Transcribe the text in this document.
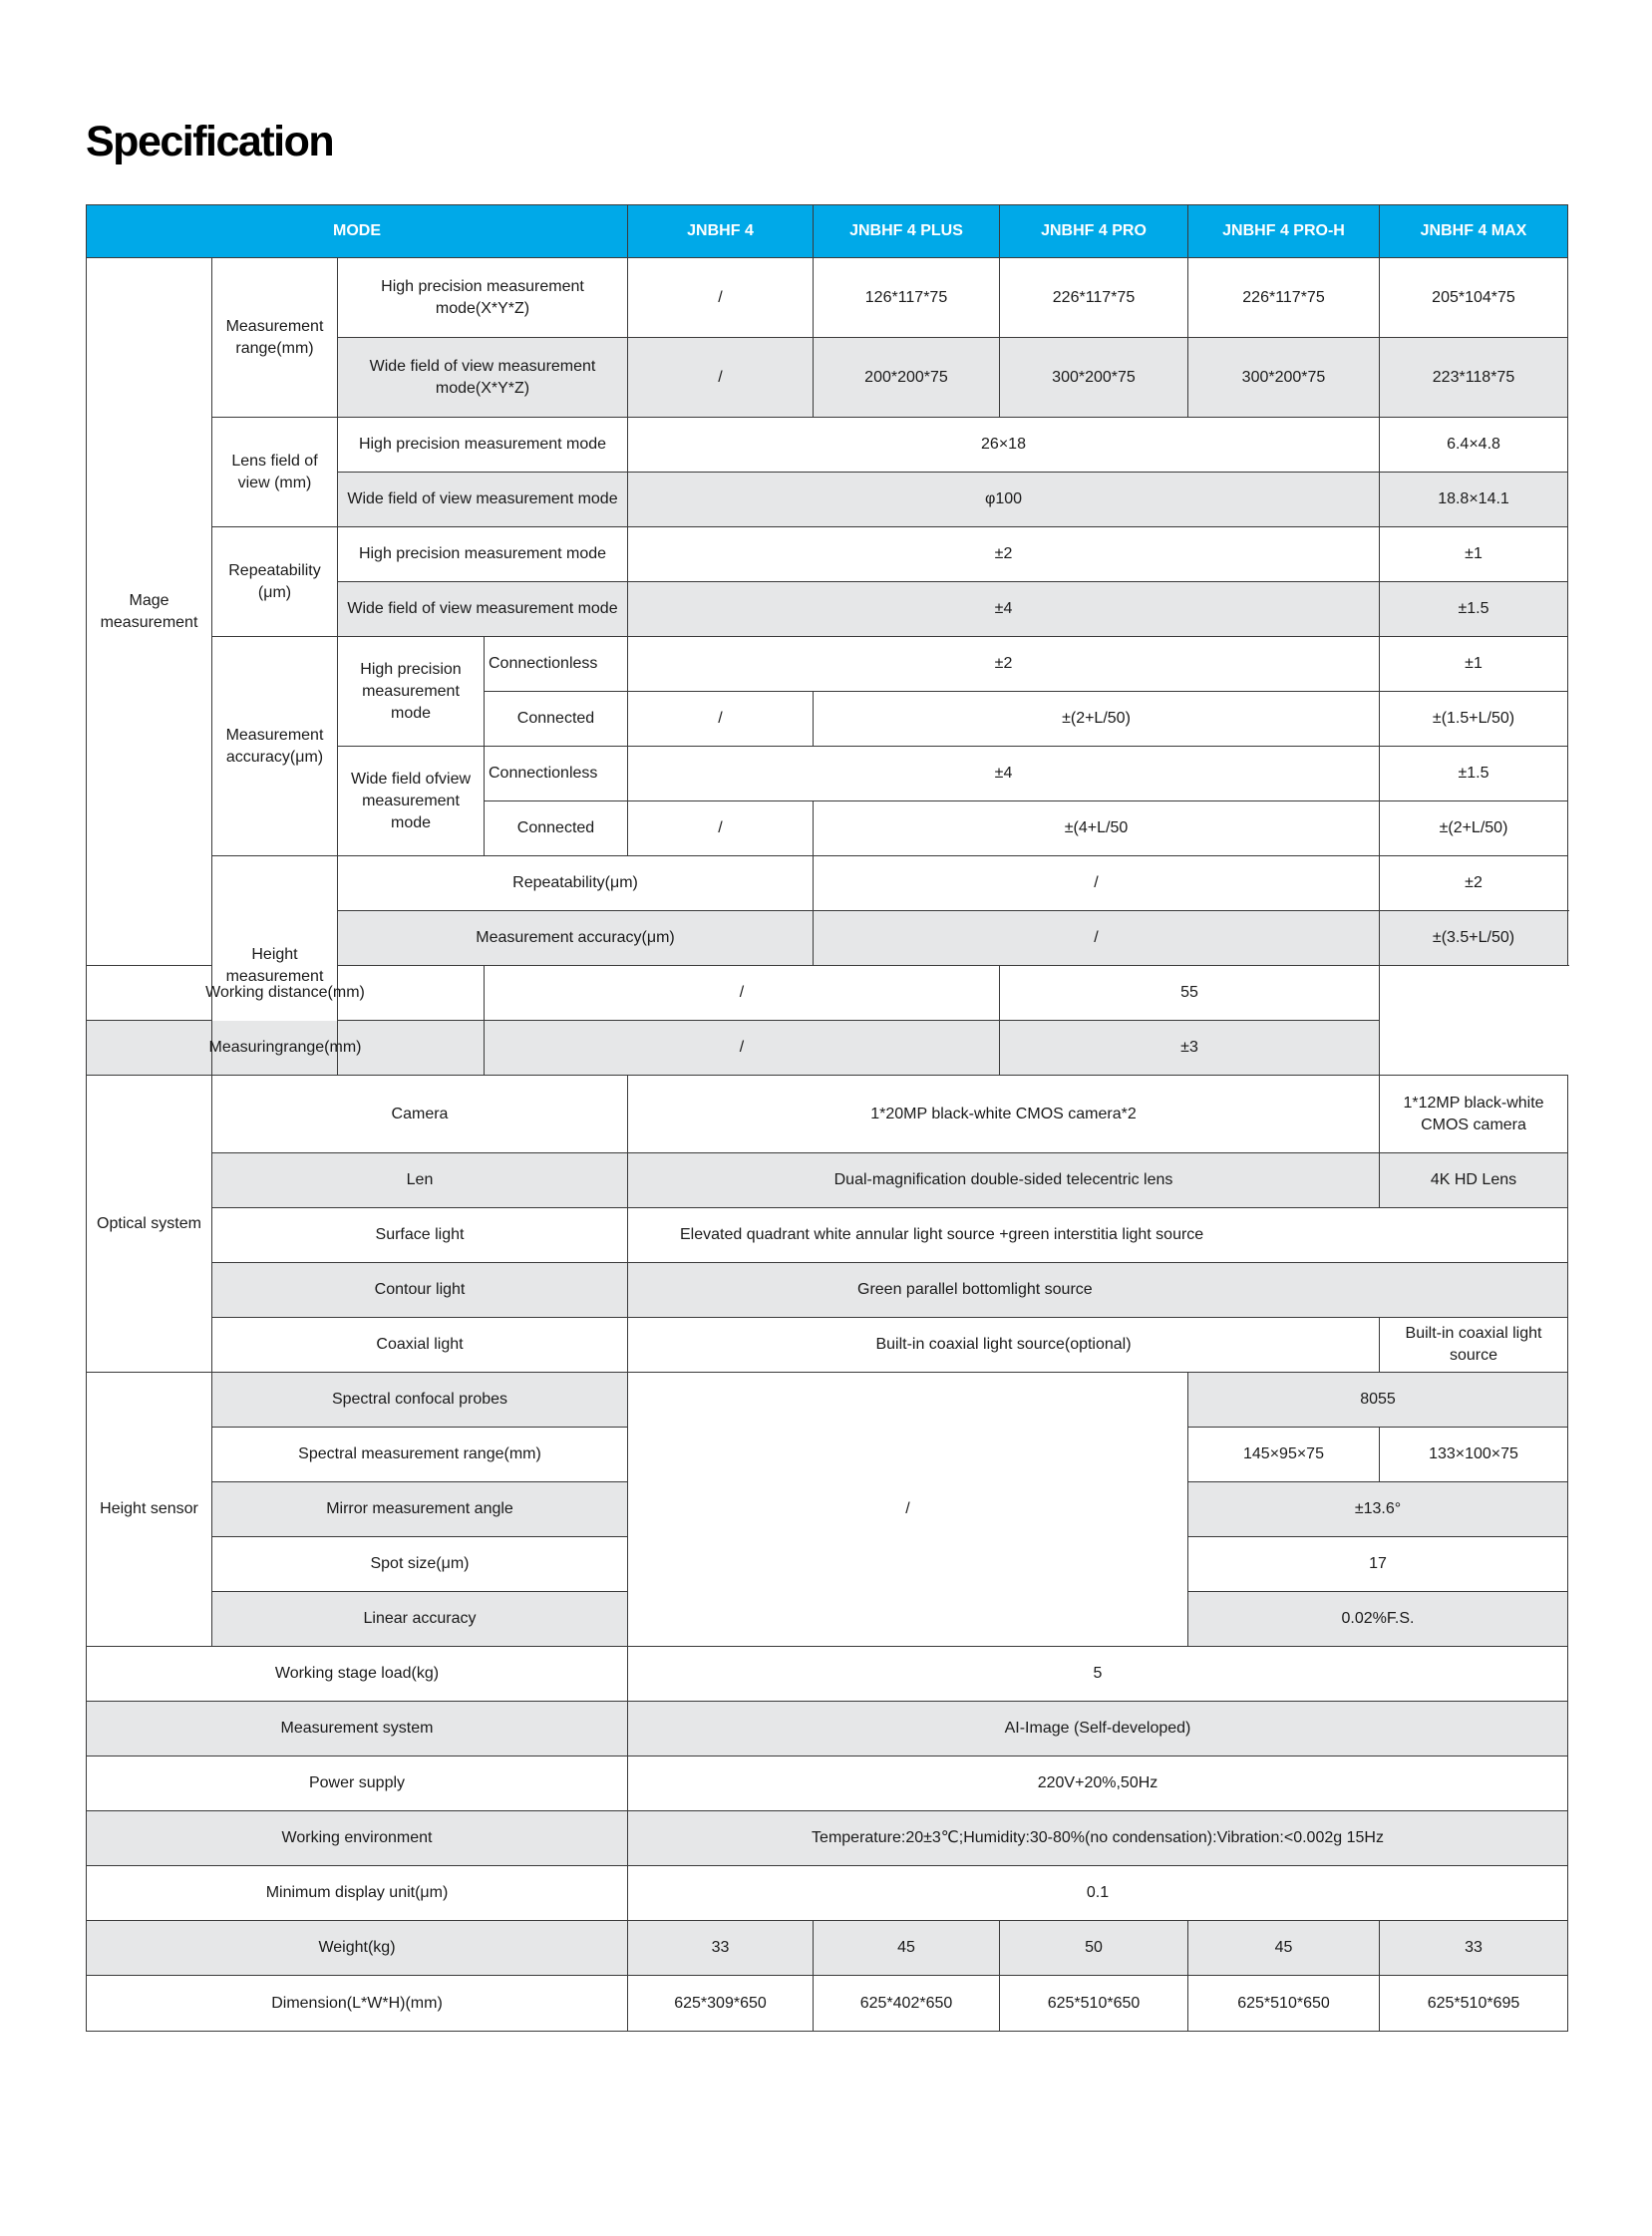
Specification
MODE				JNBHF 4	JNBHF 4 PLUS	JNBHF 4 PRO	JNBHF 4 PRO-H	JNBHF 4 MAX
Mage measurement	Measurement range(mm)	High precision measurement mode(X*Y*Z)		/	126*117*75	226*117*75	226*117*75	205*104*75
		Wide field of view measurement mode(X*Y*Z)		/	200*200*75	300*200*75	300*200*75	223*118*75
	Lens field of view (mm)	High precision measurement mode		26×18				6.4×4.8
		Wide field of view measurement mode		φ100				18.8×14.1
	Repeatability (μm)	High precision measurement mode		±2				±1
		Wide field of view measurement mode		±4				±1.5
	Measurement accuracy(μm)	High precision measurement mode	Connectionless	±2				±1
			Connected	/	±(2+L/50)			±(1.5+L/50)
		Wide field ofview measurement mode	Connectionless	±4				±1.5
			Connected	/	±(4+L/50			±(2+L/50)
	Height measurement	Repeatability(μm)			/			±2
		Measurement accuracy(μm)			/			±(3.5+L/50)
Working distance(mm)			/			55		
Measuringrange(mm)			/			±3		
Optical system	Camera			1*20MP black-white CMOS camera*2				1*12MP black-white CMOS camera
	Len			Dual-magnification double-sided telecentric lens				4K HD Lens
	Surface light			Elevated quadrant white annular light source +green interstitia light source				
	Contour light			Green parallel bottomlight source				
	Coaxial light			Built-in coaxial light source(optional)				Built-in coaxial light source
Height sensor	Spectral confocal probes			/			8055	
	Spectral measurement range(mm)						145×95×75	133×100×75
	Mirror measurement angle						±13.6°	
	Spot size(μm)						17	
	Linear accuracy						0.02%F.S.	
Working stage load(kg)				5				
Measurement system				AI-Image (Self-developed)				
Power supply				220V+20%,50Hz				
Working environment				Temperature:20±3℃;Humidity:30-80%(no condensation):Vibration:<0.002g 15Hz				
Minimum display unit(μm)				0.1				
Weight(kg)				33	45	50	45	33
Dimension(L*W*H)(mm)				625*309*650	625*402*650	625*510*650	625*510*650	625*510*695
